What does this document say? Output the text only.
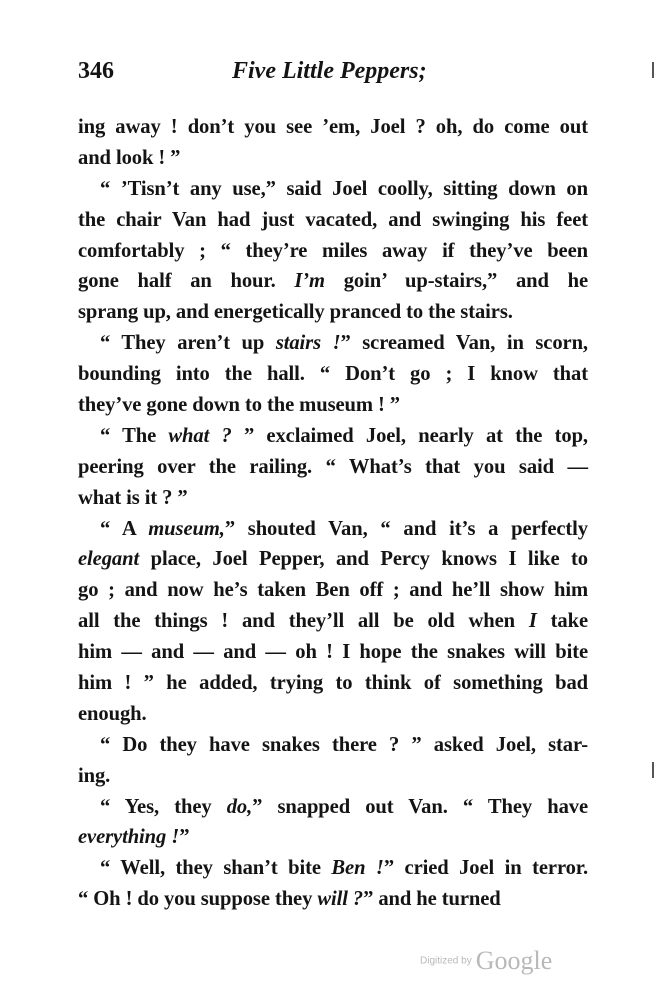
346	Five Little Peppers;
ing away ! don’t you see ’em, Joel ? oh, do come out
and look ! ”
“ ’Tisn’t any use,” said Joel coolly, sitting down on
the chair Van had just vacated, and swinging his feet
comfortably ; “ they’re miles away if they’ve been
gone half an hour. I’m goin’ up-stairs,” and he
sprang up, and energetically pranced to the stairs.
“ They aren’t up stairs !” screamed Van, in scorn,
bounding into the hall. “ Don’t go ; I know that
they’ve gone down to the museum ! ”
“ The what ? ” exclaimed Joel, nearly at the top,
peering over the railing. “ What’s that you said —
what is it ? ”
“ A museum,” shouted Van, “ and it’s a perfectly
elegant place, Joel Pepper, and Percy knows I like to
go ; and now he’s taken Ben off ; and he’ll show him
all the things ! and they’ll all be old when I take
him — and — and — oh ! I hope the snakes will bite
him ! ” he added, trying to think of something bad
enough.
“ Do they have snakes there ? ” asked Joel, star-
ing.
“ Yes, they do,” snapped out Van. “ They have
everything !”
“ Well, they shan’t bite Ben !” cried Joel in terror.
“ Oh ! do you suppose they will ?” and he turned
Digitized by Google
